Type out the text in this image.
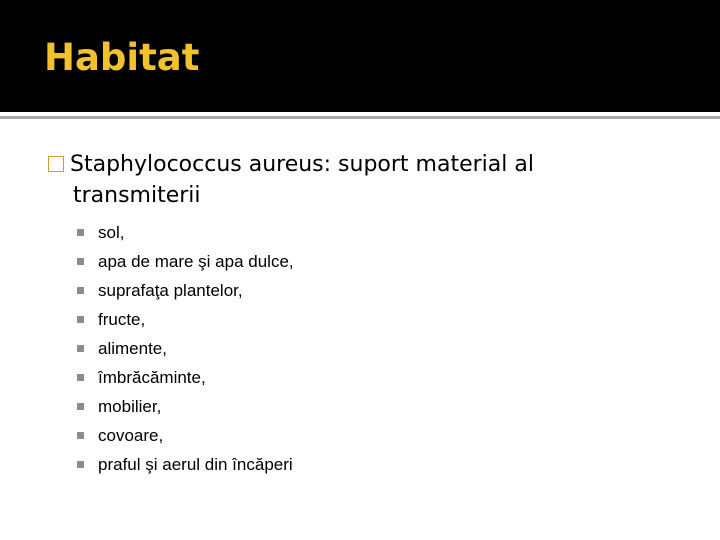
Habitat
Staphylococcus aureus: suport material al
transmiterii
sol,
apa de mare şi apa dulce,
suprafaţa plantelor,
fructe,
alimente,
îmbrăcăminte,
mobilier,
covoare,
praful şi aerul din încăperi
